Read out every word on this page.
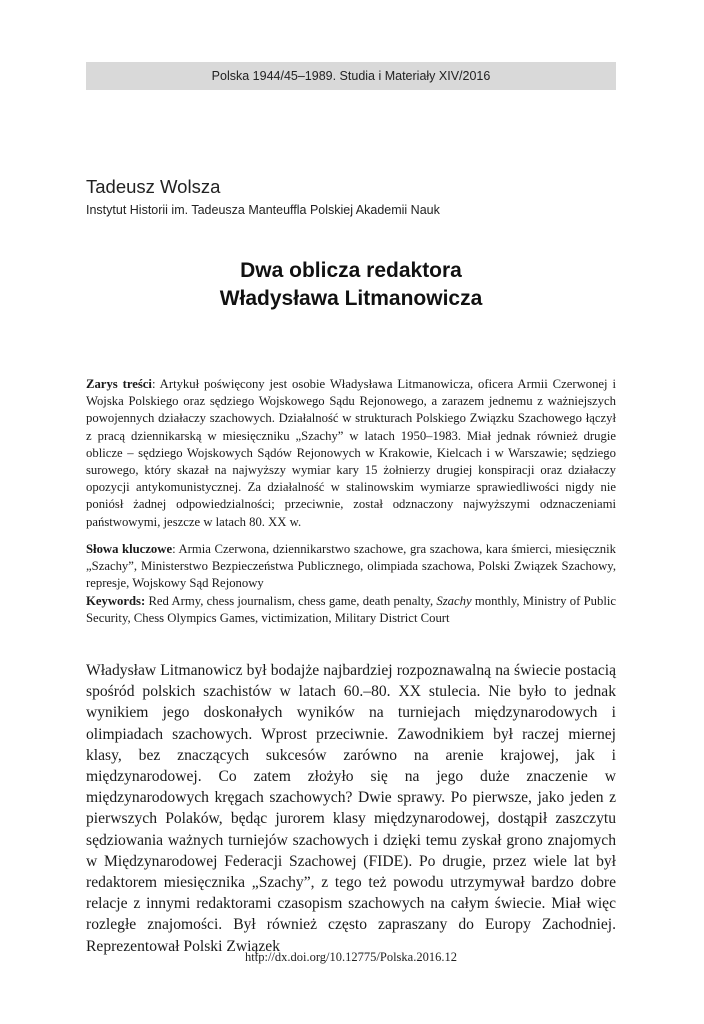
Polska 1944/45–1989. Studia i Materiały XIV/2016
Tadeusz Wolsza
Instytut Historii im. Tadeusza Manteuffla Polskiej Akademii Nauk
Dwa oblicza redaktora
Władysława Litmanowicza

Zarys treści: Artykuł poświęcony jest osobie Władysława Litmanowicza, oficera Armii Czerwonej i Wojska Polskiego oraz sędziego Wojskowego Sądu Rejonowego, a zarazem jednemu z ważniejszych powojennych działaczy szachowych. Działalność w strukturach Polskiego Związku Szachowego łączył z pracą dziennikarską w miesięczniku „Szachy” w latach 1950–1983. Miał jednak również drugie oblicze – sędziego Wojskowych Sądów Rejonowych w Krakowie, Kielcach i w Warszawie; sędziego surowego, który skazał na najwyższy wymiar kary 15 żołnierzy drugiej konspiracji oraz działaczy opozycji antykomunistycznej. Za działalność w stalinowskim wymiarze sprawiedliwości nigdy nie poniósł żadnej odpowiedzialności; przeciwnie, został odznaczony najwyższymi odznaczeniami państwowymi, jeszcze w latach 80. XX w.

Słowa kluczowe: Armia Czerwona, dziennikarstwo szachowe, gra szachowa, kara śmierci, miesięcznik „Szachy”, Ministerstwo Bezpieczeństwa Publicznego, olimpiada szachowa, Polski Związek Szachowy, represje, Wojskowy Sąd Rejonowy

Keywords: Red Army, chess journalism, chess game, death penalty, Szachy monthly, Ministry of Public Security, Chess Olympics Games, victimization, Military District Court

Władysław Litmanowicz był bodajże najbardziej rozpoznawalną na świecie postacią spośród polskich szachistów w latach 60.–80. XX stulecia. Nie było to jednak wynikiem jego doskonałych wyników na turniejach międzynarodowych i olimpiadach szachowych. Wprost przeciwnie. Zawodnikiem był raczej miernej klasy, bez znaczących sukcesów zarówno na arenie krajowej, jak i międzynarodowej. Co zatem złożyło się na jego duże znaczenie w międzynarodowych kręgach szachowych? Dwie sprawy. Po pierwsze, jako jeden z pierwszych Polaków, będąc jurorem klasy międzynarodowej, dostąpił zaszczytu sędziowania ważnych turniejów szachowych i dzięki temu zyskał grono znajomych w Międzynarodowej Federacji Szachowej (FIDE). Po drugie, przez wiele lat był redaktorem miesięcznika „Szachy”, z tego też powodu utrzymywał bardzo dobre relacje z innymi redaktorami czasopism szachowych na całym świecie. Miał więc rozległe znajomości. Był również często zapraszany do Europy Zachodniej. Reprezentował Polski Związek

http://dx.doi.org/10.12775/Polska.2016.12
